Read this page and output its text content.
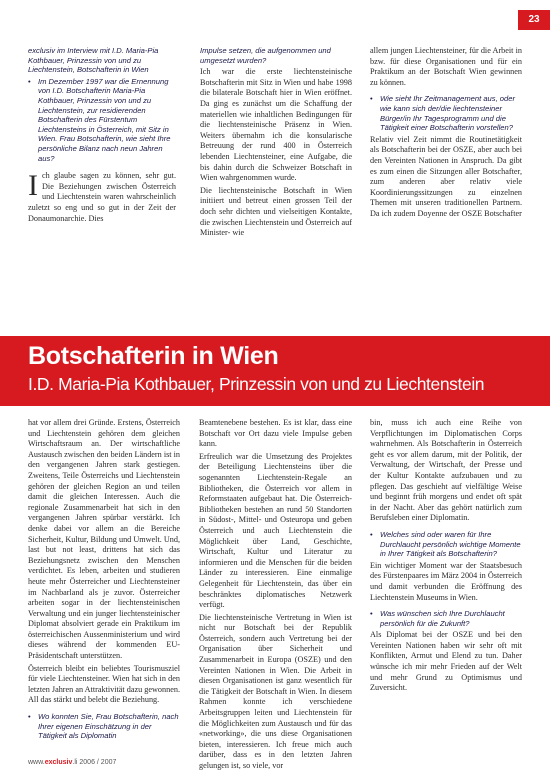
23

exclusiv im Interview mit I.D. Maria-Pia Kothbauer, Prinzessin von und zu Liechtenstein, Botschafterin in Wien

• Im Dezember 1997 war die Ernennung von I.D. Botschafterin Maria-Pia Kothbauer, Prinzessin von und zu Liechtenstein, zur residierenden Botschafterin des Fürstentum Liechtensteins in Österreich, mit Sitz in Wien. Frau Botschafterin, wie sieht Ihre persönliche Bilanz nach neun Jahren aus?

Ich glaube sagen zu können, sehr gut. Die Beziehungen zwischen Österreich und Liechtenstein waren wahrscheinlich zuletzt so eng und so gut in der Zeit der Donaumonarchie. Dies

Impulse setzen, die aufgenommen und umgesetzt wurden?

Ich war die erste liechtensteinische Botschafterin mit Sitz in Wien und habe 1998 die bilaterale Botschaft hier in Wien eröffnet. Da ging es zunächst um die Schaffung der materiellen wie inhaltlichen Bedingungen für die liechtensteinische Präsenz in Wien. Weiters übernahm ich die konsularische Betreuung der rund 400 in Österreich lebenden Liechtensteiner, eine Aufgabe, die bis dahin durch die Schweizer Botschaft in Wien wahrgenommen wurde.

Die liechtensteinische Botschaft in Wien initiiert und betreut einen grossen Teil der doch sehr dichten und vielseitigen Kontakte, die zwischen Liechtenstein und Österreich auf Minister- wie

allem jungen Liechtensteiner, für die Arbeit in bzw. für diese Organisationen und für ein Praktikum an der Botschaft Wien gewinnen zu können.

• Wie sieht Ihr Zeitmanagement aus, oder wie kann sich der/die liechtensteiner Bürger/in Ihr Tagesprogramm und die Tätigkeit einer Botschafterin vorstellen?

Relativ viel Zeit nimmt die Routinetätigkeit als Botschafterin bei der OSZE, aber auch bei den Vereinten Nationen in Anspruch. Da gibt es zum einen die Sitzungen aller Botschafter, zum anderen aber relativ viele Koordinierungssitzungen zu einzelnen Themen mit unseren traditionellen Partnern. Da ich zudem Doyenne der OSZE Botschafter

Botschafterin in Wien
I.D. Maria-Pia Kothbauer, Prinzessin von und zu Liechtenstein

hat vor allem drei Gründe. Erstens, Österreich und Liechtenstein gehören dem gleichen Wirtschaftsraum an. Der wirtschaftliche Austausch zwischen den beiden Ländern ist in den vergangenen Jahren stark gestiegen. Zweitens, Teile Österreichs und Liechtenstein gehören der gleichen Region an und teilen damit die gleichen Interessen. Auch die regionale Zusammenarbeit hat sich in den vergangenen Jahren spürbar verstärkt. Ich denke dabei vor allem an die Bereiche Sicherheit, Kultur, Bildung und Umwelt. Und, last but not least, drittens hat sich das Beziehungsnetz zwischen den Menschen verdichtet. Es leben, arbeiten und studieren heute mehr Österreicher und Liechtensteiner im Nachbarland als je zuvor. Österreicher arbeiten sogar in der liechtensteinischen Verwaltung und ein junger liechtensteinischer Diplomat absolviert gerade ein Praktikum im österreichischen Aussenministerium und wird dieses während der kommenden EU-Präsidentschaft unterstützen.

Österreich bleibt ein beliebtes Tourismusziel für viele Liechtensteiner. Wien hat sich in den letzten Jahren an Attraktivität dazu gewonnen. All das stärkt und belebt die Beziehung.

• Wo konnten Sie, Frau Botschafterin, nach Ihrer eigenen Einschätzung in der Tätigkeit als Diplomatin

Beamtenebene bestehen. Es ist klar, dass eine Botschaft vor Ort dazu viele Impulse geben kann.

Erfreulich war die Umsetzung des Projektes der Beteiligung Liechtensteins über die sogenannten Liechtenstein-Regale an Bibliotheken, die Österreich vor allem in Reformstaaten aufgebaut hat. Die Österreich-Bibliotheken bestehen an rund 50 Standorten in Südost-, Mittel- und Osteuropa und geben Österreich und auch Liechtenstein die Möglichkeit über Land, Geschichte, Wirtschaft, Kultur und Literatur zu informieren und die Menschen für die beiden Länder zu interessieren. Eine einmalige Gelegenheit für Liechtenstein, das über ein beschränktes diplomatisches Netzwerk verfügt.

Die liechtensteinische Vertretung in Wien ist nicht nur Botschaft bei der Republik Österreich, sondern auch Vertretung bei der Organisation über Sicherheit und Zusammenarbeit in Europa (OSZE) und den Vereinten Nationen in Wien. Die Arbeit in diesen Organisationen ist ganz wesentlich für die Tätigkeit der Botschaft in Wien. In diesem Rahmen konnte ich verschiedene Arbeitsgruppen leiten und Liechtenstein für die Möglichkeiten zum Austausch und für das «networking», die uns diese Organisationen bieten, interessieren. Ich freue mich auch darüber, dass es in den letzten Jahren gelungen ist, so viele, vor

bin, muss ich auch eine Reihe von Verpflichtungen im Diplomatischen Corps wahrnehmen. Als Botschafterin in Österreich geht es vor allem darum, mit der Politik, der Verwaltung, der Wirtschaft, der Presse und der Kultur Kontakte aufzubauen und zu pflegen. Das geschieht auf vielfältige Weise und beginnt früh morgens und endet oft spät in der Nacht. Aber das gehört natürlich zum Berufsleben einer Diplomatin.

• Welches sind oder waren für Ihre Durchlaucht persönlich wichtige Momente in Ihrer Tätigkeit als Botschafterin?

Ein wichtiger Moment war der Staatsbesuch des Fürstenpaares im März 2004 in Österreich und damit verbunden die Eröffnung des Liechtenstein Museums in Wien.

• Was wünschen sich Ihre Durchlaucht persönlich für die Zukunft?

Als Diplomat bei der OSZE und bei den Vereinten Nationen haben wir sehr oft mit Konflikten, Armut und Elend zu tun. Daher wünsche ich mir mehr Frieden auf der Welt und mehr Grund zu Optimismus und Zuversicht.

www.exclusiv.li 2006 / 2007
